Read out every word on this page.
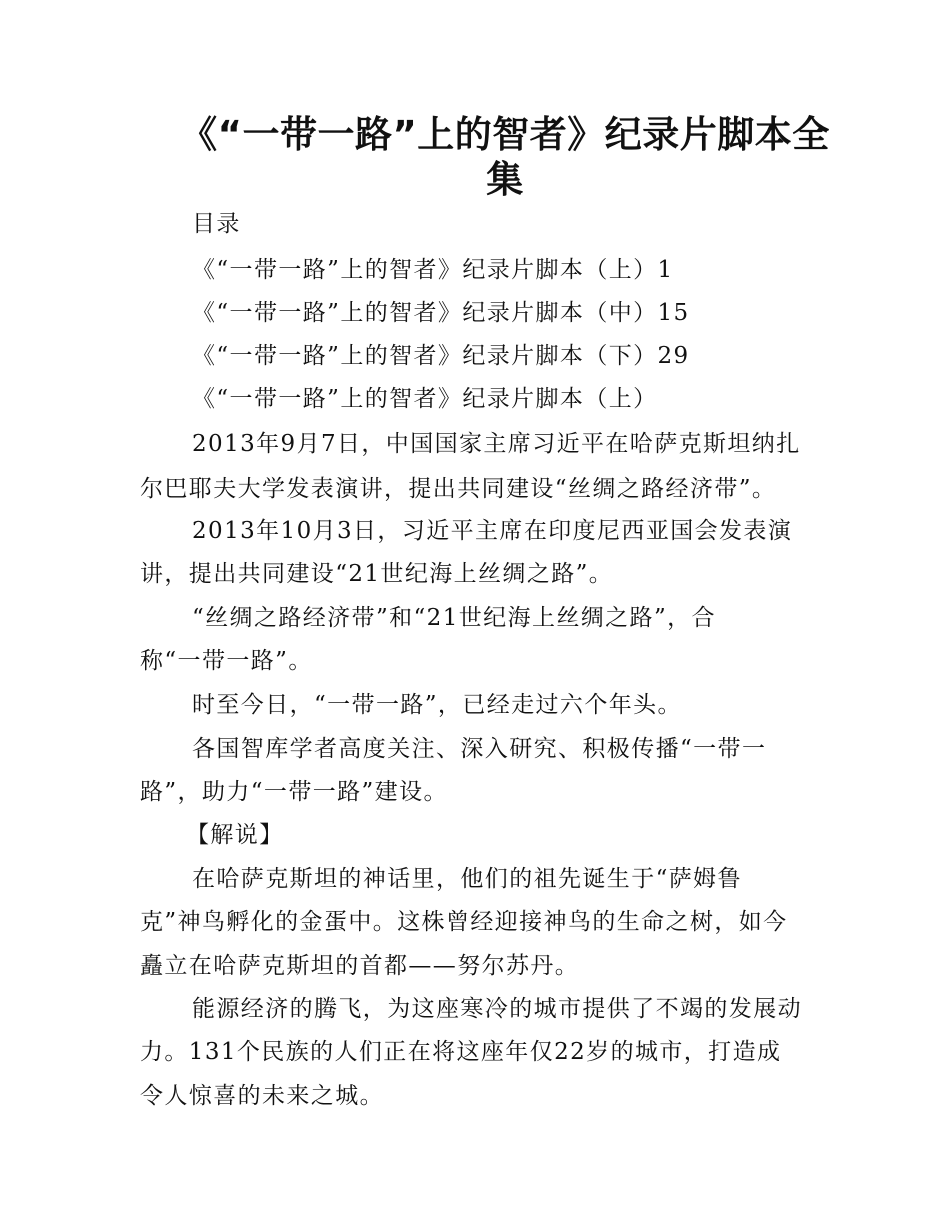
《“一带一路”上的智者》纪录片脚本全
集
目录
《“一带一路”上的智者》纪录片脚本（上）1
《“一带一路”上的智者》纪录片脚本（中）15
《“一带一路”上的智者》纪录片脚本（下）29
《“一带一路”上的智者》纪录片脚本（上）
2013年9月7日，中国国家主席习近平在哈萨克斯坦纳扎
尔巴耶夫大学发表演讲，提出共同建设“丝绸之路经济带”。
2013年10月3日，习近平主席在印度尼西亚国会发表演
讲，提出共同建设“21世纪海上丝绸之路”。
“丝绸之路经济带”和“21世纪海上丝绸之路”，合
称“一带一路”。
时至今日，“一带一路”，已经走过六个年头。
各国智库学者高度关注、深入研究、积极传播“一带一
路”，助力“一带一路”建设。
【解说】
在哈萨克斯坦的神话里，他们的祖先诞生于“萨姆鲁
克”神鸟孵化的金蛋中。这株曾经迎接神鸟的生命之树，如今
矗立在哈萨克斯坦的首都——努尔苏丹。
能源经济的腾飞，为这座寒冷的城市提供了不竭的发展动
力。131个民族的人们正在将这座年仅22岁的城市，打造成
令人惊喜的未来之城。
